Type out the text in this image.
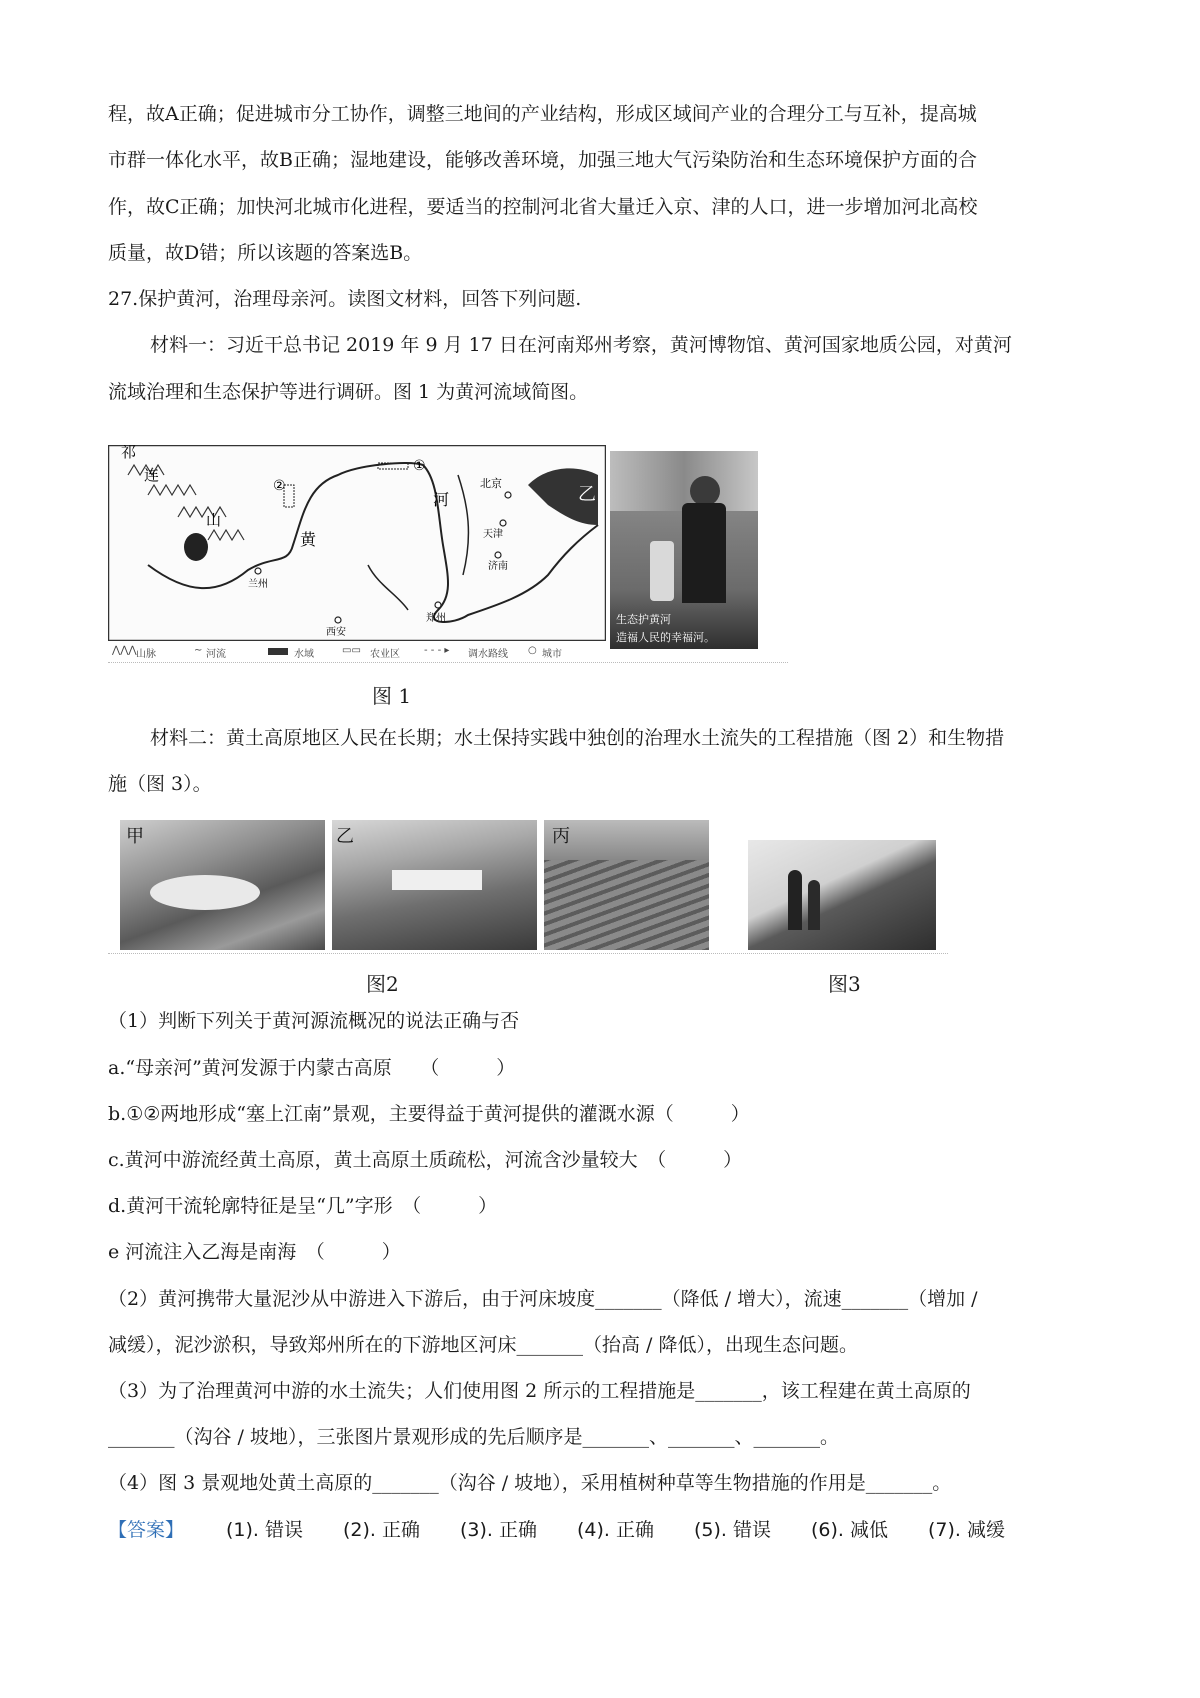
程，故A正确；促进城市分工协作，调整三地间的产业结构，形成区域间产业的合理分工与互补，提高城
市群一体化水平，故B正确；湿地建设，能够改善环境，加强三地大气污染防治和生态环境保护方面的合
作，故C正确；加快河北城市化进程，要适当的控制河北省大量迁入京、津的人口，进一步增加河北高校
质量，故D错；所以该题的答案选B。
27.保护黄河，治理母亲河。读图文材料，回答下列问题.
材料一：习近干总书记 2019 年 9 月 17 日在河南郑州考察，黄河博物馆、黄河国家地质公园，对黄河
流域治理和生态保护等进行调研。图 1 为黄河流域简图。
祁
连
山
①
②	北京
天津
济南
兰州
西安
郑州
黄
河	乙
⋀⋀⋀ 山脉	∼ 河流	水域	▭▭ 农业区 - - - ▸ 调水路线 ○ 城市
生态护黄河
造福人民的幸福河。
图 1
材料二：黄土高原地区人民在长期；水土保持实践中独创的治理水土流失的工程措施（图 2）和生物措
施（图 3）。
甲	乙	丙
图2	图3
（1）判断下列关于黄河源流概况的说法正确与否
a.“母亲河”黄河发源于内蒙古高原　　（　　　）
b.①②两地形成“塞上江南”景观，主要得益于黄河提供的灌溉水源（　　　）
c.黄河中游流经黄土高原，黄土高原土质疏松，河流含沙量较大　（　　　）
d.黄河干流轮廓特征是呈“几”字形　（　　　）
e 河流注入乙海是南海　（　　　）
（2）黄河携带大量泥沙从中游进入下游后，由于河床坡度_______（降低 / 增大），流速_______（增加 /
减缓），泥沙淤积，导致郑州所在的下游地区河床_______（抬高 / 降低），出现生态问题。
（3）为了治理黄河中游的水土流失；人们使用图 2 所示的工程措施是_______，该工程建在黄土高原的
_______（沟谷 / 坡地），三张图片景观形成的先后顺序是_______、_______、_______。
（4）图 3 景观地处黄土高原的_______（沟谷 / 坡地），采用植树种草等生物措施的作用是_______。
【答案】 (1). 错误 (2). 正确 (3). 正确 (4). 正确 (5). 错误 (6). 减低 (7). 减缓
